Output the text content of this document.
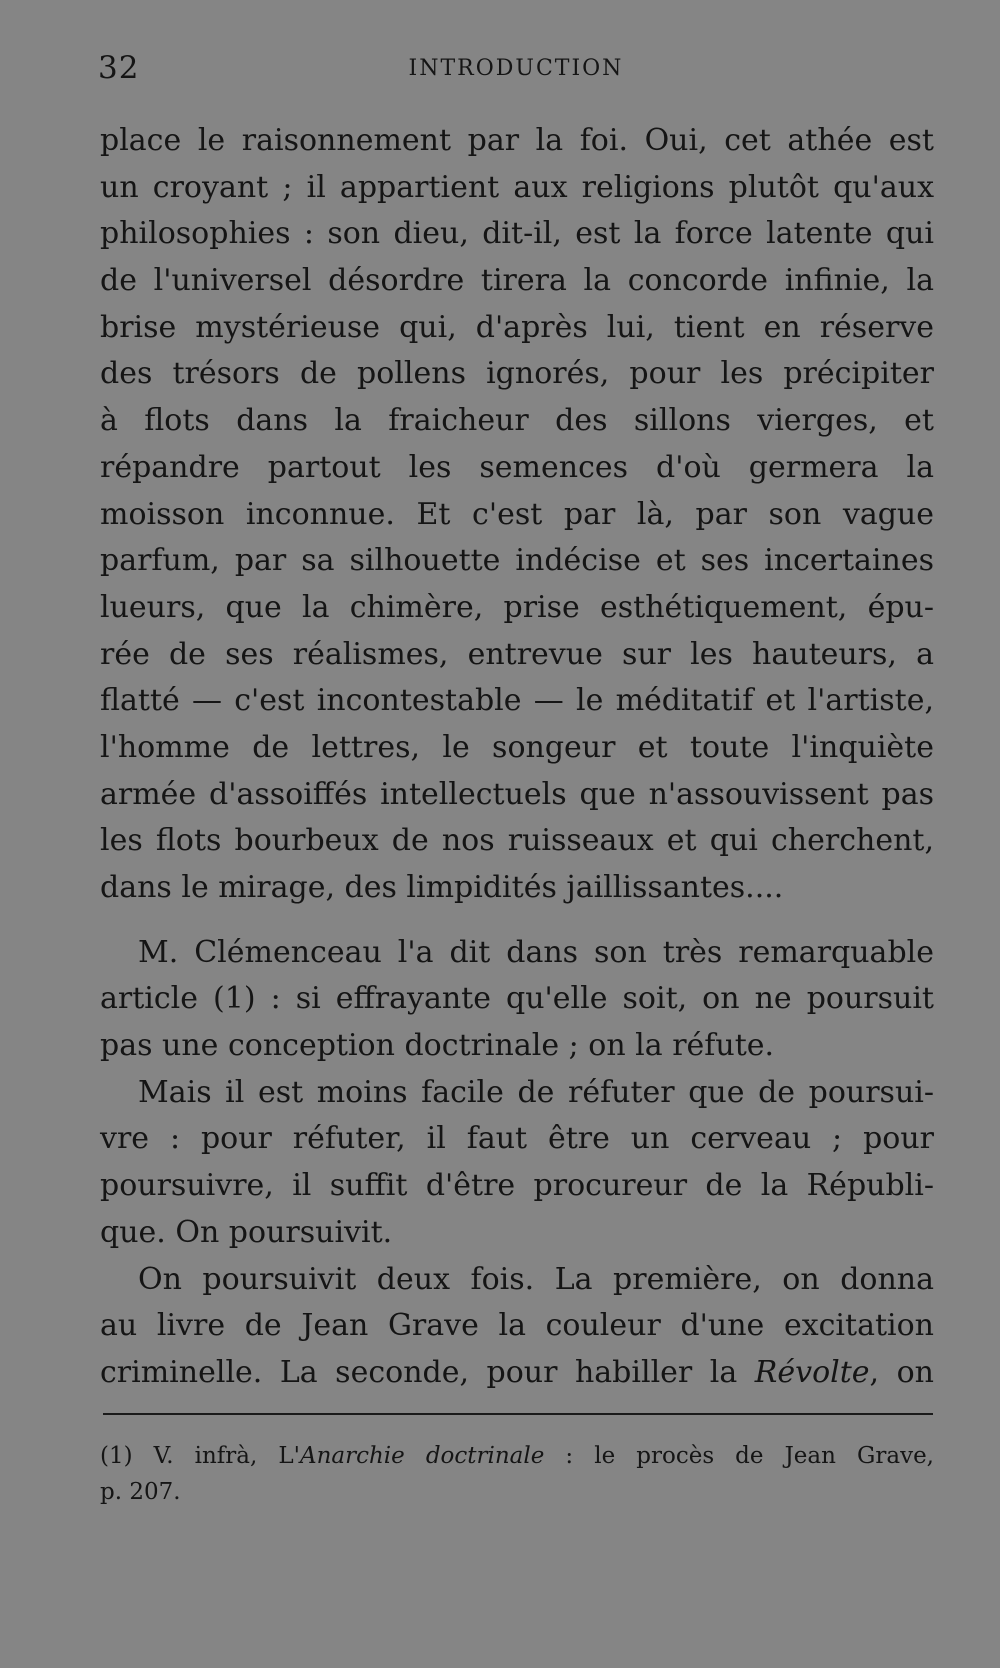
32	INTRODUCTION
place le raisonnement par la foi. Oui, cet athée est
un croyant ; il appartient aux religions plutôt qu'aux
philosophies : son dieu, dit-il, est la force latente qui
de l'universel désordre tirera la concorde infinie, la
brise mystérieuse qui, d'après lui, tient en réserve
des trésors de pollens ignorés, pour les précipiter
à flots dans la fraicheur des sillons vierges, et
répandre partout les semences d'où germera la
moisson inconnue. Et c'est par là, par son vague
parfum, par sa silhouette indécise et ses incertaines
lueurs, que la chimère, prise esthétiquement, épu-
rée de ses réalismes, entrevue sur les hauteurs, a
flatté — c'est incontestable — le méditatif et l'artiste,
l'homme de lettres, le songeur et toute l'inquiète
armée d'assoiffés intellectuels que n'assouvissent pas
les flots bourbeux de nos ruisseaux et qui cherchent,
dans le mirage, des limpidités jaillissantes....
M. Clémenceau l'a dit dans son très remarquable
article (1) : si effrayante qu'elle soit, on ne poursuit
pas une conception doctrinale ; on la réfute.
Mais il est moins facile de réfuter que de poursui-
vre : pour réfuter, il faut être un cerveau ; pour
poursuivre, il suffit d'être procureur de la Républi-
que. On poursuivit.
On poursuivit deux fois. La première, on donna
au livre de Jean Grave la couleur d'une excitation
criminelle. La seconde, pour habiller la Révolte, on
(1) V. infrà, L'Anarchie doctrinale : le procès de Jean Grave,
p. 207.
